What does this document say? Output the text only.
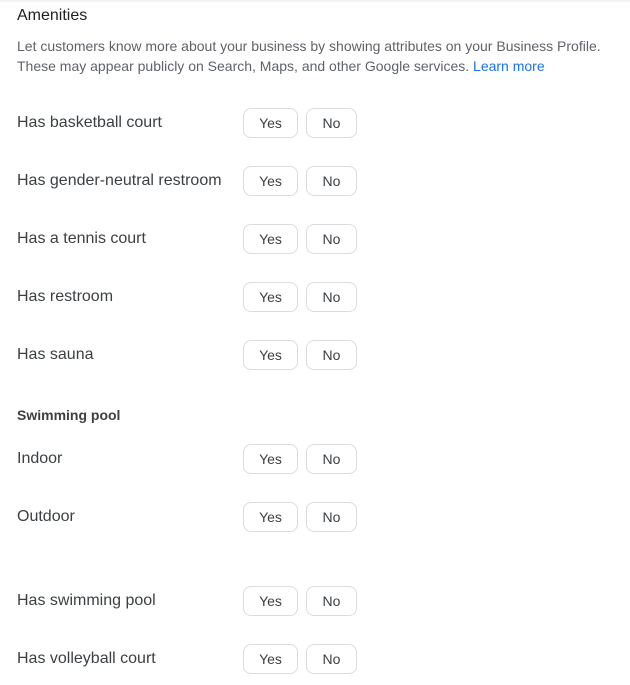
Amenities
Let customers know more about your business by showing attributes on your Business Profile. These may appear publicly on Search, Maps, and other Google services. Learn more
Has basketball court	Yes	No
Has gender-neutral restroom	Yes	No
Has a tennis court	Yes	No
Has restroom	Yes	No
Has sauna	Yes	No
Swimming pool
Indoor	Yes	No
Outdoor	Yes	No
Has swimming pool	Yes	No
Has volleyball court	Yes	No
